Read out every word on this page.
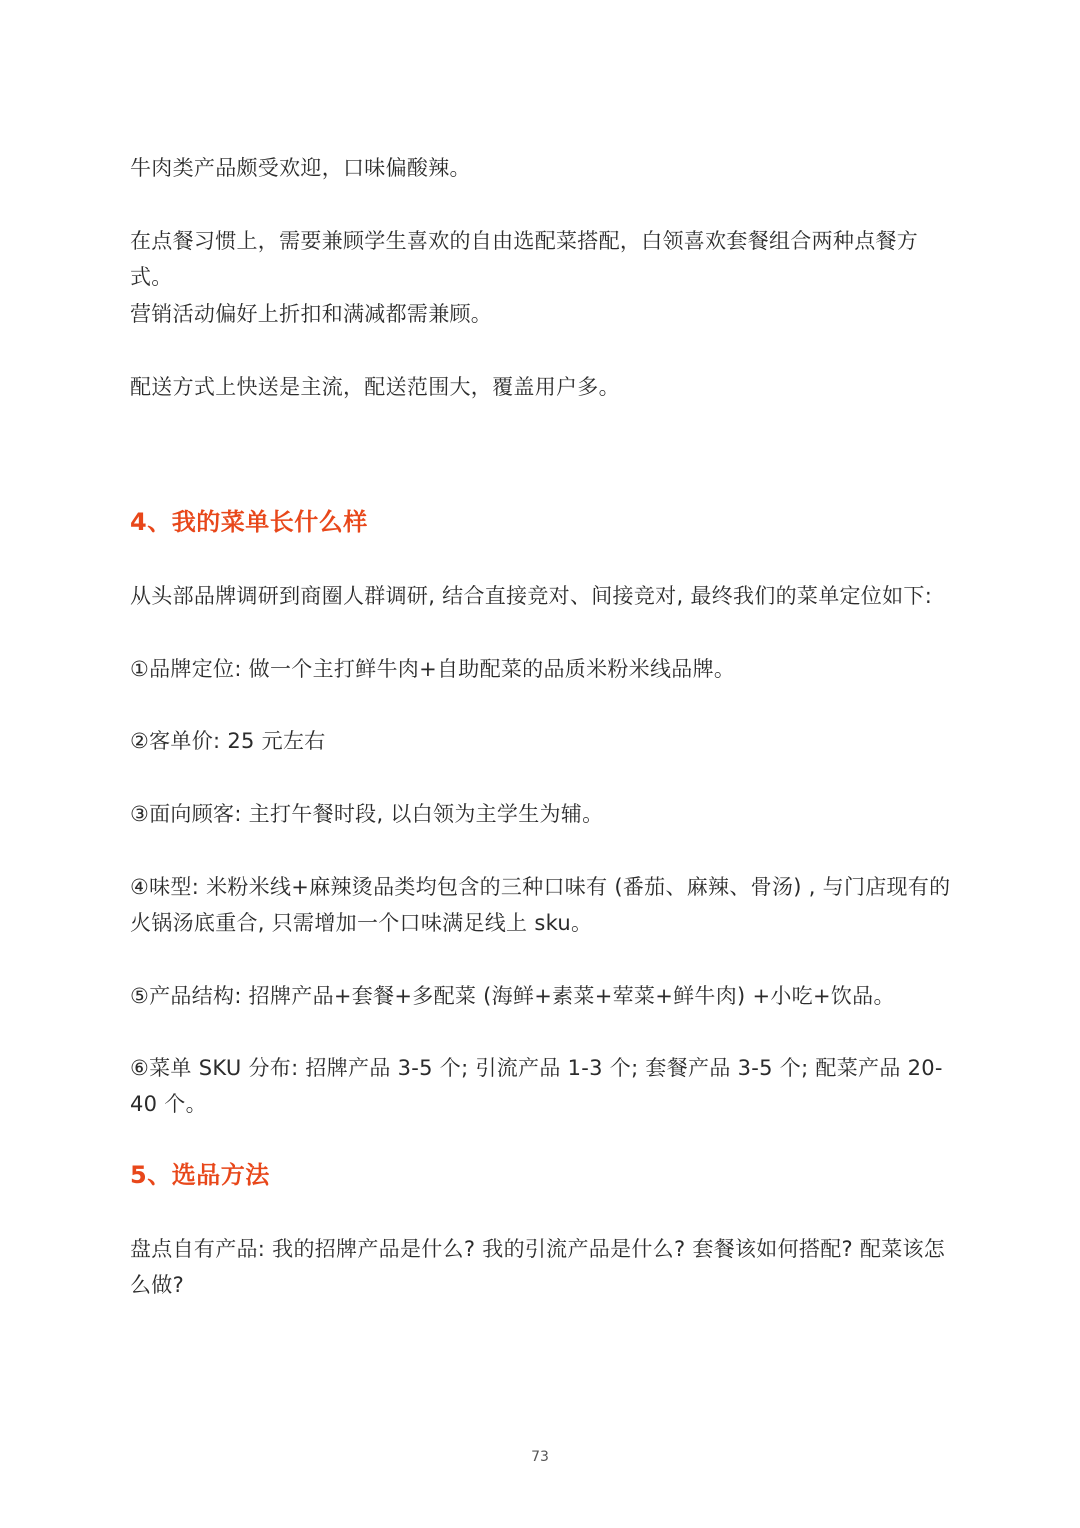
牛肉类产品颇受欢迎，口味偏酸辣。

在点餐习惯上，需要兼顾学生喜欢的自由选配菜搭配，白领喜欢套餐组合两种点餐方式。

营销活动偏好上折扣和满减都需兼顾。

配送方式上快送是主流，配送范围大，覆盖用户多。

4、我的菜单长什么样

从头部品牌调研到商圈人群调研, 结合直接竞对、间接竞对, 最终我们的菜单定位如下:

①品牌定位: 做一个主打鲜牛肉+自助配菜的品质米粉米线品牌。

②客单价: 25 元左右

③面向顾客: 主打午餐时段, 以白领为主学生为辅。

④味型: 米粉米线+麻辣烫品类均包含的三种口味有 (番茄、麻辣、骨汤) , 与门店现有的火锅汤底重合, 只需增加一个口味满足线上 sku。

⑤产品结构: 招牌产品+套餐+多配菜 (海鲜+素菜+荤菜+鲜牛肉) +小吃+饮品。

⑥菜单 SKU 分布: 招牌产品 3-5 个; 引流产品 1-3 个; 套餐产品 3-5 个; 配菜产品 20-40 个。

5、选品方法

盘点自有产品: 我的招牌产品是什么? 我的引流产品是什么? 套餐该如何搭配? 配菜该怎么做?

73
